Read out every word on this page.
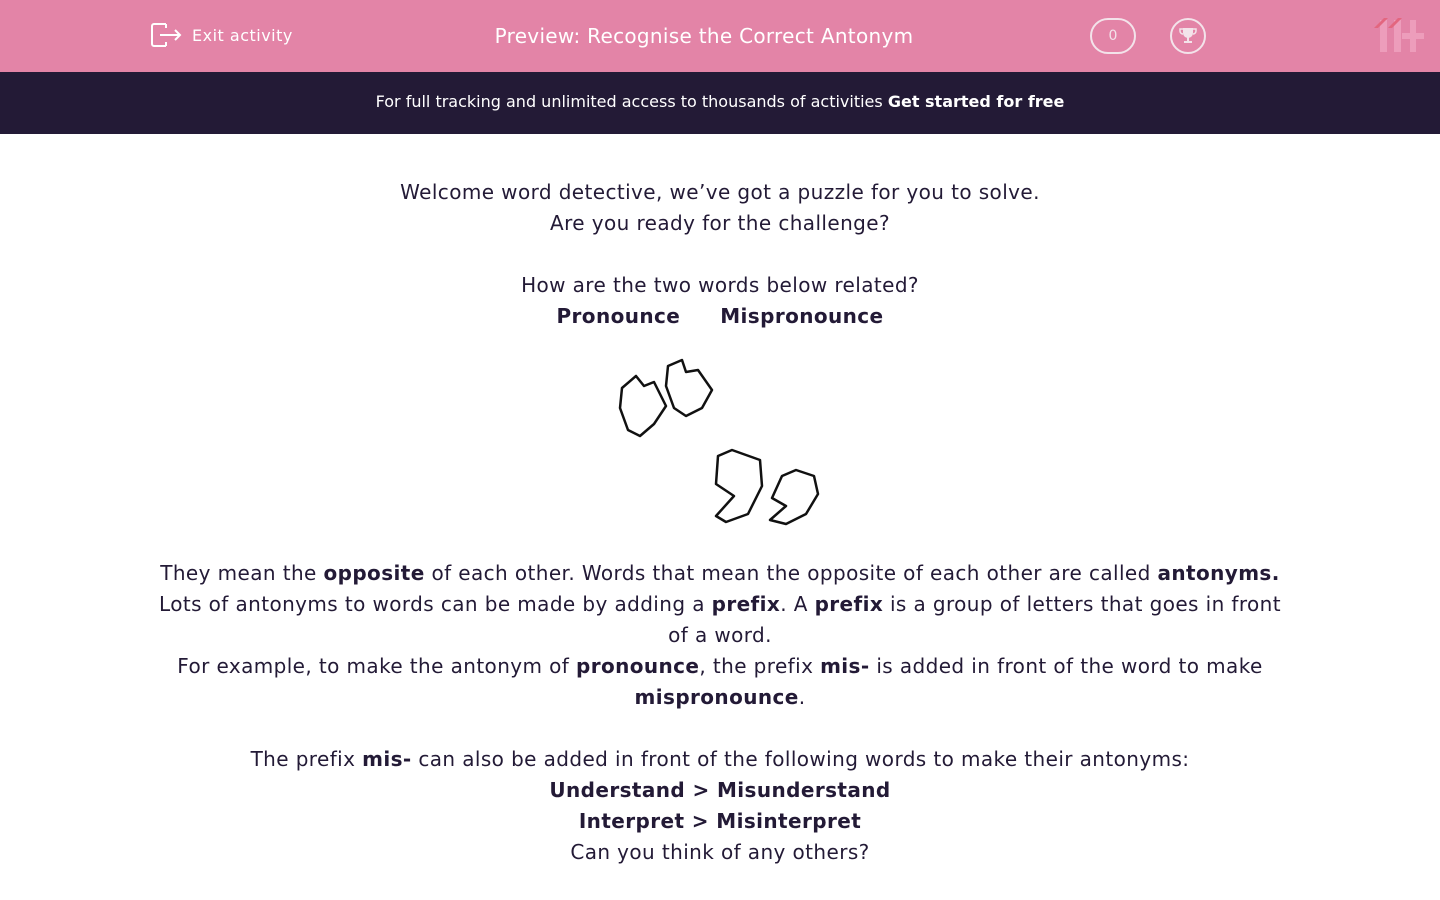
Exit activity	Preview: Recognise the Correct Antonym	0
For full tracking and unlimited access to thousands of activities Get started for free
Welcome word detective, we’ve got a puzzle for you to solve.
Are you ready for the challenge?
How are the two words below related?
Pronounce Mispronounce
They mean the opposite of each other. Words that mean the opposite of each other are called antonyms.
Lots of antonyms to words can be made by adding a prefix. A prefix is a group of letters that goes in front of a word.
For example, to make the antonym of pronounce, the prefix mis- is added in front of the word to make mispronounce.
The prefix mis- can also be added in front of the following words to make their antonyms:
Understand > Misunderstand
Interpret > Misinterpret
Can you think of any others?
